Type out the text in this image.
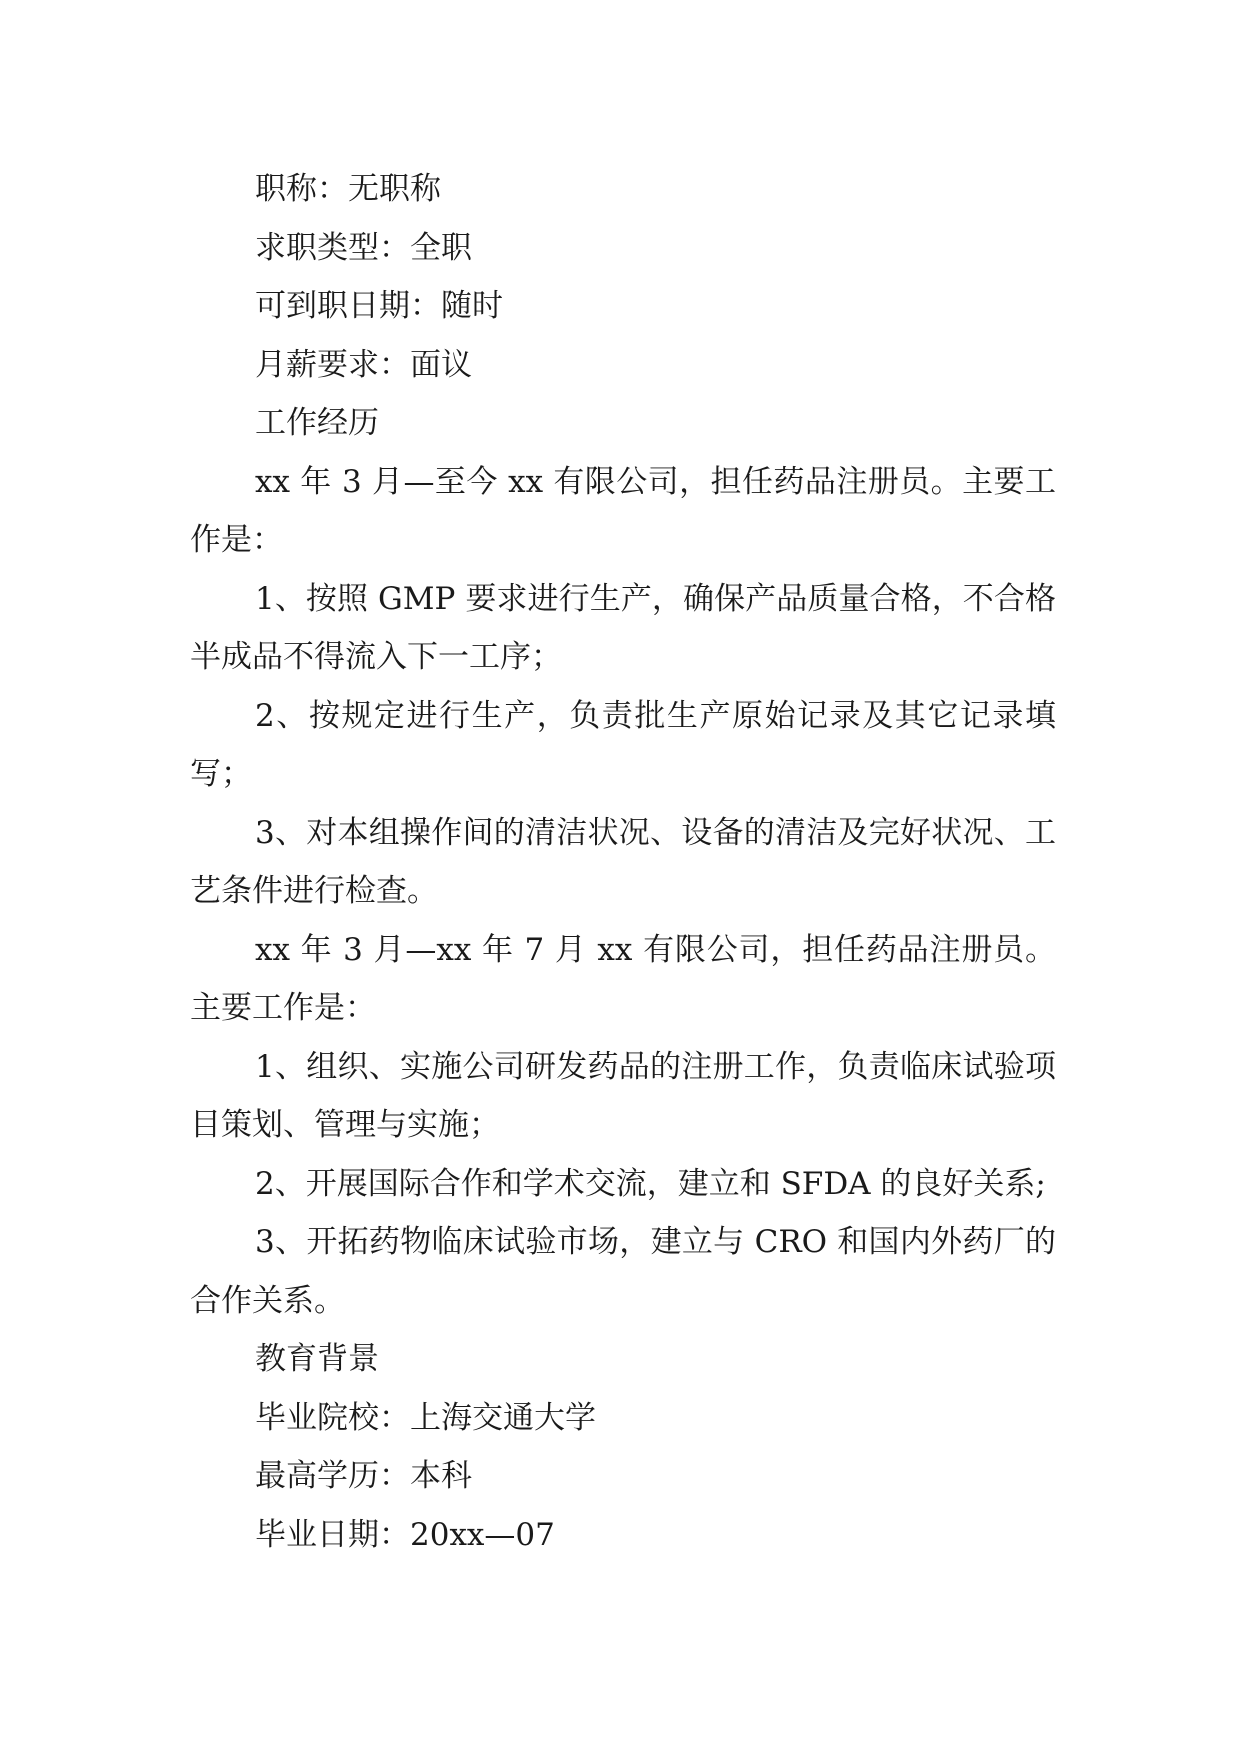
职称：无职称

求职类型：全职

可到职日期：随时

月薪要求：面议

工作经历

xx 年 3 月—至今 xx 有限公司，担任药品注册员。主要工作是：

1、按照 GMP 要求进行生产，确保产品质量合格，不合格半成品不得流入下一工序；

2、按规定进行生产，负责批生产原始记录及其它记录填写；

3、对本组操作间的清洁状况、设备的清洁及完好状况、工艺条件进行检查。

xx 年 3 月—xx 年 7 月 xx 有限公司，担任药品注册员。主要工作是：

1、组织、实施公司研发药品的注册工作，负责临床试验项目策划、管理与实施；

2、开展国际合作和学术交流，建立和 SFDA 的良好关系;

3、开拓药物临床试验市场，建立与 CRO 和国内外药厂的合作关系。

教育背景

毕业院校：上海交通大学

最高学历：本科

毕业日期：20xx—07
